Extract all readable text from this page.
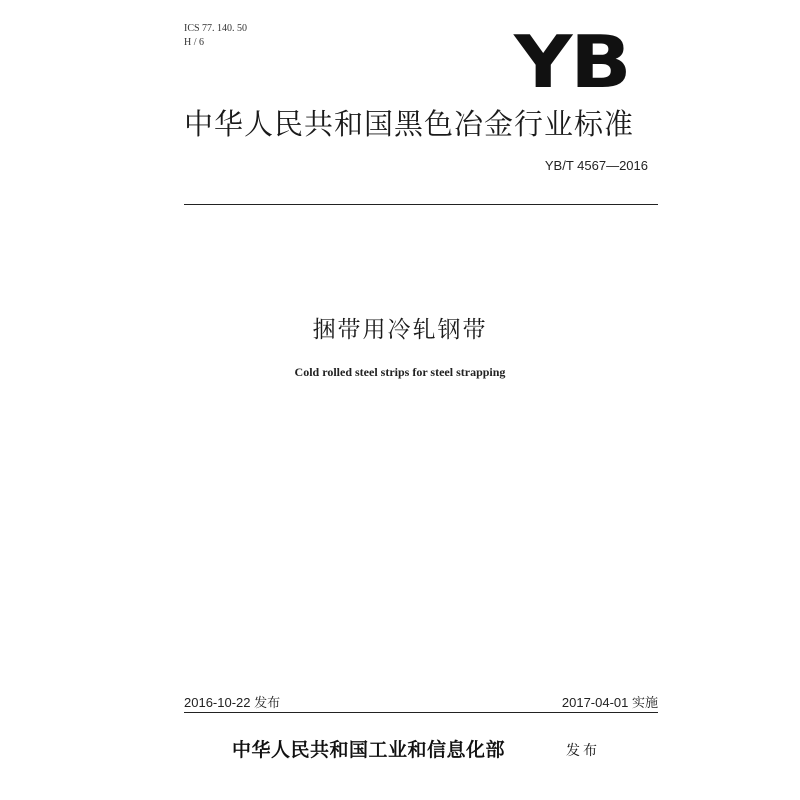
ICS 77. 140. 50
H / 6	YB
中华人民共和国黑色冶金行业标准
YB/T 4567—2016
捆带用冷轧钢带
Cold rolled steel strips for steel strapping
2016-10-22 发布	2017-04-01 实施
中华人民共和国工业和信息化部	发布
